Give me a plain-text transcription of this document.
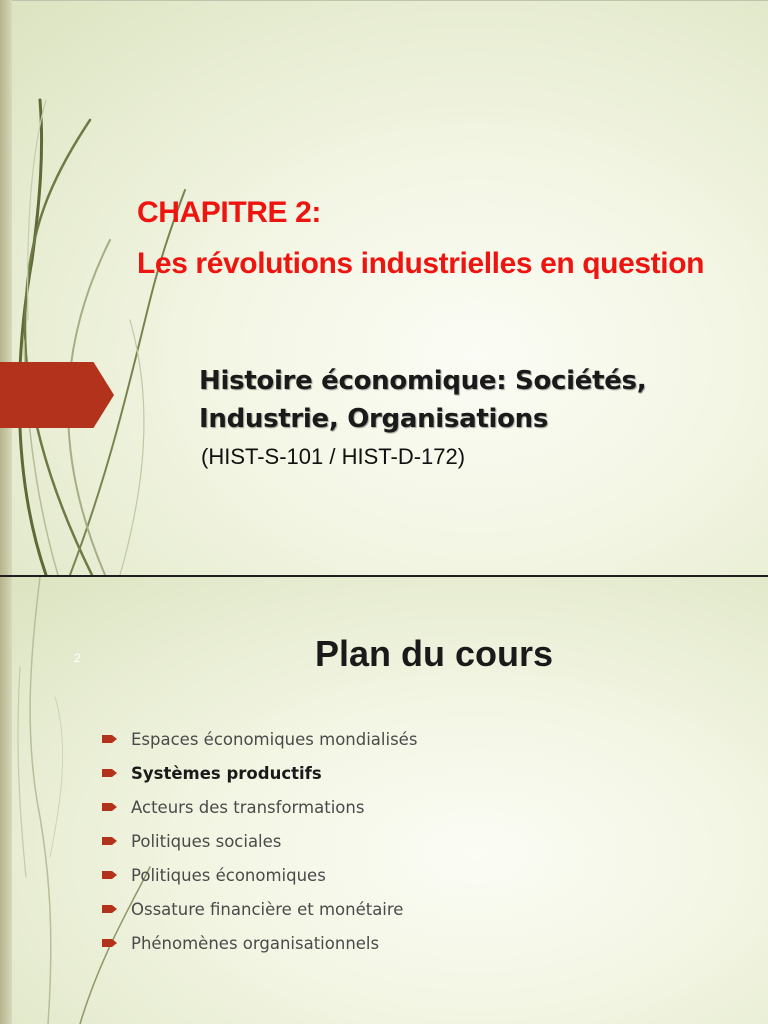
CHAPITRE 2:
Les révolutions industrielles en question
Histoire économique: Sociétés,
Industrie, Organisations
(HIST-S-101 / HIST-D-172)
2	Plan du cours
Espaces économiques mondialisés
Systèmes productifs
Acteurs des transformations
Politiques sociales
Politiques économiques
Ossature financière et monétaire
Phénomènes organisationnels
